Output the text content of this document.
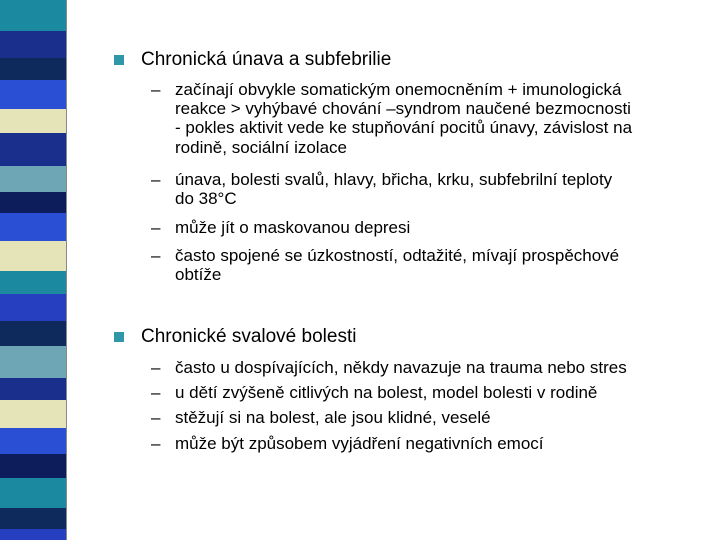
Chronická únava a subfebrilie
– začínají obvykle somatickým onemocněním + imunologická
reakce > vyhýbavé chování –syndrom naučené bezmocnosti
- pokles aktivit vede ke stupňování pocitů únavy, závislost na
rodině, sociální izolace
– únava, bolesti svalů, hlavy, břicha, krku, subfebrilní teploty
do 38°C
– může jít o maskovanou depresi
– často spojené se úzkostností, odtažité, mívají prospěchové
obtíže
Chronické svalové bolesti
– často u dospívajících, někdy navazuje na trauma nebo stres
– u dětí zvýšeně citlivých na bolest, model bolesti v rodině
– stěžují si na bolest, ale jsou klidné, veselé
– může být způsobem vyjádření negativních emocí
